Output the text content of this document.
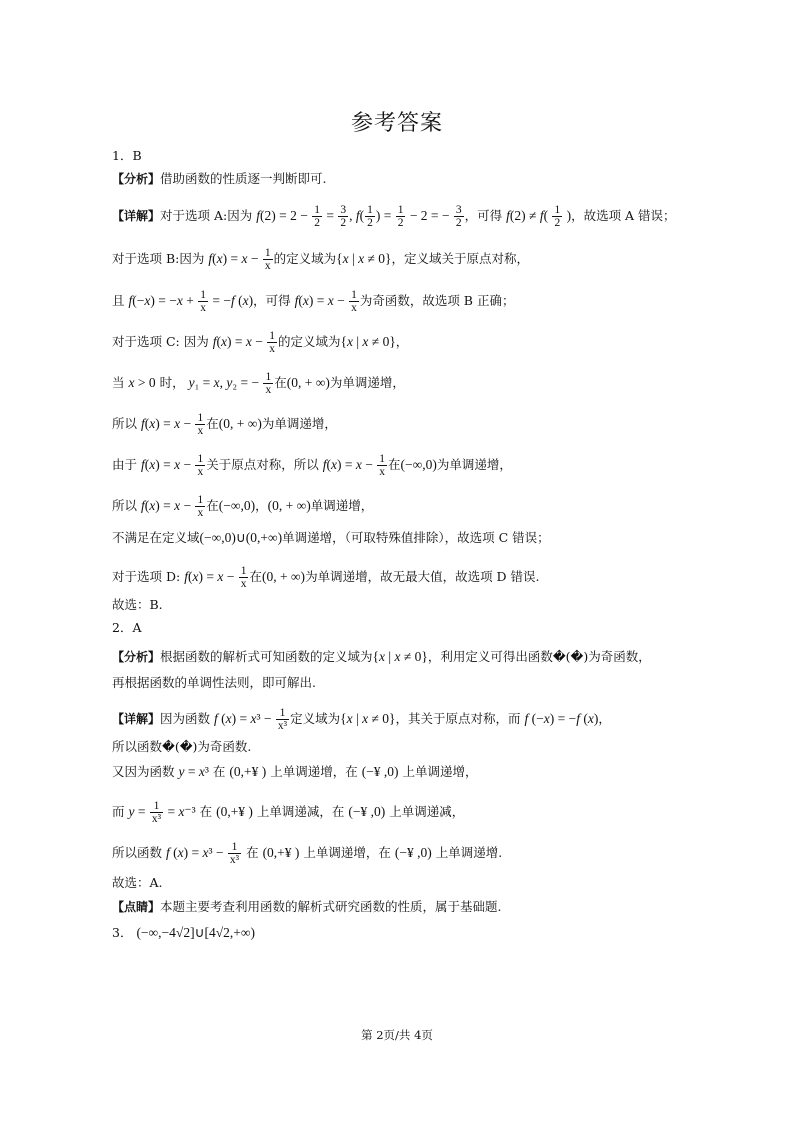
参考答案
1．B
【分析】借助函数的性质逐一判断即可.
【详解】对于选项 A:因为 $f(2) = 2 - \frac{1}{2} = \frac{3}{2}$ , $f( \frac{1}{2}$ ) = $\frac{1}{2} - 2$ = − $\frac{3}{2}$ ，可得 $f(2) \ne f( \frac{1}{2}$ )，故选项 A 错误；
对于选项 B:因为 $f(x) = x - \frac{1}{x}$ 的定义域为{x | x ≠ 0}，定义域关于原点对称，
且 $f(-x) = -x + \frac{1}{x} = -f$ (x)，可得 $f(x) = x - \frac{1}{x}$ 为奇函数，故选项 B 正确；
对于选项 C: 因为 $f(x) = x - \frac{1}{x}$ 的定义域为{x | x ≠ 0}，
当 x > 0 时， y₁ = x, y₂ = − $\frac{1}{x}$ 在(0, + ∞)为单调递增，
所以 $f(x) = x - \frac{1}{x}$ 在(0, + ∞)为单调递增，
由于 $f(x) = x - \frac{1}{x}$ 关于原点对称，所以 $f(x) = x - \frac{1}{x}$ 在(−∞,0)为单调递增，
所以 $f(x) = x - \frac{1}{x}$ 在(−∞,0)，(0, + ∞)单调递增，
不满足在定义域(−∞,0)∪(0,+∞)单调递增，（可取特殊值排除），故选项 C 错误；
对于选项 D: $f(x) = x - \frac{1}{x}$ 在(0, + ∞)为单调递增，故无最大值，故选项 D 错误.
故选：B.
2．A
【分析】根据函数的解析式可知函数的定义域为{x | x ≠ 0}，利用定义可得出函数�(�)为奇函数，
再根据函数的单调性法则，即可解出.
【详解】因为函数 f $(x) = x^3 - \frac{1}{\text{x³}}$ 定义域为{x | x ≠ 0}，其关于原点对称，而 f (−x) = −f (x)，
所以函数�(�)为奇函数.
又因为函数 y = x³ 在 (0,+¥ ) 上单调递增，在 (−¥ ,0) 上单调递增，
而 $y = \frac{1}{\text{x³}} = x^{-3}$ 在 (0,+¥ ) 上单调递减，在 (−¥ ,0) 上单调递减，
所以函数 f $(x) = x^3 - \frac{1}{\text{x³}}$ 在 (0,+¥ ) 上单调递增，在 (−¥ ,0) 上单调递增.
故选：A.
【点睛】本题主要考查利用函数的解析式研究函数的性质，属于基础题.
3． (−∞,−4√2]∪[4√2,+∞)
第 2页/共 4页
